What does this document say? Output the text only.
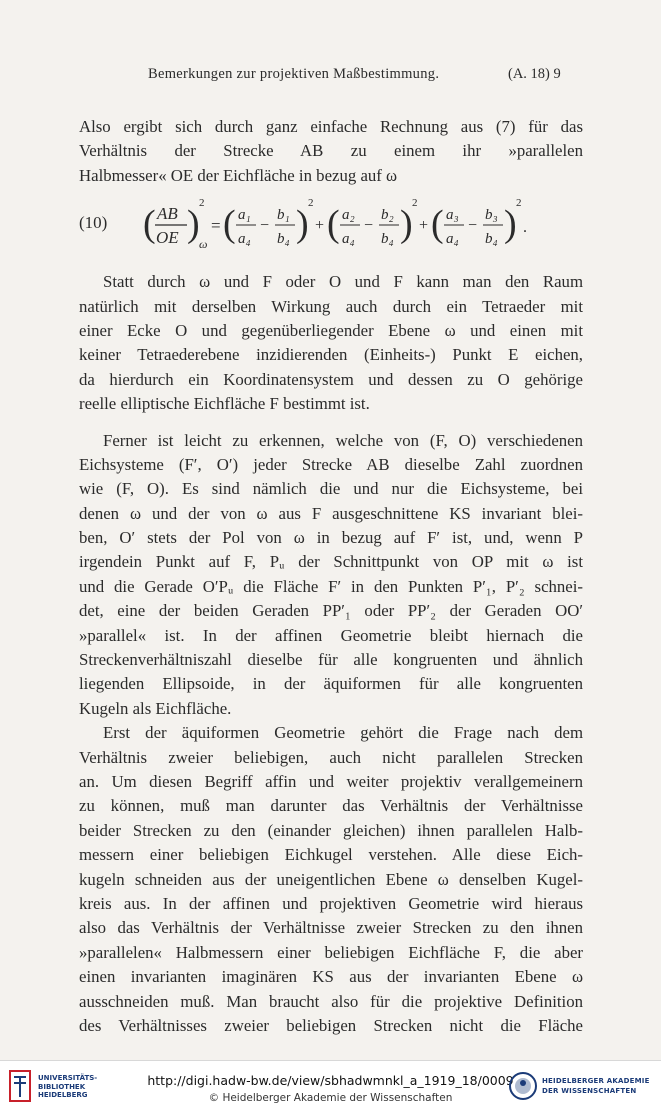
Bemerkungen zur projektiven Maßbestimmung.	(A. 18) 9
Also ergibt sich durch ganz einfache Rechnung aus (7) für das
Verhältnis der Strecke AB zu einem ihr »parallelen
Halbmesser« OE der Eichfläche in bezug auf ω
(10) ( AB
OE ) 2
ω
= ( a₁
a₄
−
b₁
b₄ ) 2
+ ( a₂
a₄
−
b₂
b₄ ) 2
+ ( a₃
a₄
−
b₃
b₄ ) 2
.
Statt durch ω und F oder O und F kann man den Raum
natürlich mit derselben Wirkung auch durch ein Tetraeder mit
einer Ecke O und gegenüberliegender Ebene ω und einen mit
keiner Tetraederebene inzidierenden (Einheits-) Punkt E eichen,
da hierdurch ein Koordinatensystem und dessen zu O gehörige
reelle elliptische Eichfläche F bestimmt ist.
Ferner ist leicht zu erkennen, welche von (F, O) verschiedenen
Eichsysteme (F′, O′) jeder Strecke AB dieselbe Zahl zuordnen
wie (F, O). Es sind nämlich die und nur die Eichsysteme, bei
denen ω und der von ω aus F ausgeschnittene KS invariant blei-
ben, O′ stets der Pol von ω in bezug auf F′ ist, und, wenn P
irgendein Punkt auf F, Pᵤ der Schnittpunkt von OP mit ω ist
und die Gerade O′Pᵤ die Fläche F′ in den Punkten P′₁, P′₂ schnei-
det, eine der beiden Geraden PP′₁ oder PP′₂ der Geraden OO′
»parallel« ist. In der affinen Geometrie bleibt hiernach die
Streckenverhältniszahl dieselbe für alle kongruenten und ähnlich
liegenden Ellipsoide, in der äquiformen für alle kongruenten
Kugeln als Eichfläche.
Erst der äquiformen Geometrie gehört die Frage nach dem
Verhältnis zweier beliebigen, auch nicht parallelen Strecken
an. Um diesen Begriff affin und weiter projektiv verallgemeinern
zu können, muß man darunter das Verhältnis der Verhältnisse
beider Strecken zu den (einander gleichen) ihnen parallelen Halb-
messern einer beliebigen Eichkugel verstehen. Alle diese Eich-
kugeln schneiden aus der uneigentlichen Ebene ω denselben Kugel-
kreis aus. In der affinen und projektiven Geometrie wird hieraus
also das Verhältnis der Verhältnisse zweier Strecken zu den ihnen
»parallelen« Halbmessern einer beliebigen Eichfläche F, die aber
einen invarianten imaginären KS aus der invarianten Ebene ω
ausschneiden muß. Man braucht also für die projektive Definition
des Verhältnisses zweier beliebigen Strecken nicht die Fläche
UNIVERSITÄTS-
BIBLIOTHEK
HEIDELBERG
http://digi.hadw-bw.de/view/sbhadwmnkl_a_1919_18/0009
© Heidelberger Akademie der Wissenschaften
HEIDELBERGER AKADEMIE
DER WISSENSCHAFTEN
